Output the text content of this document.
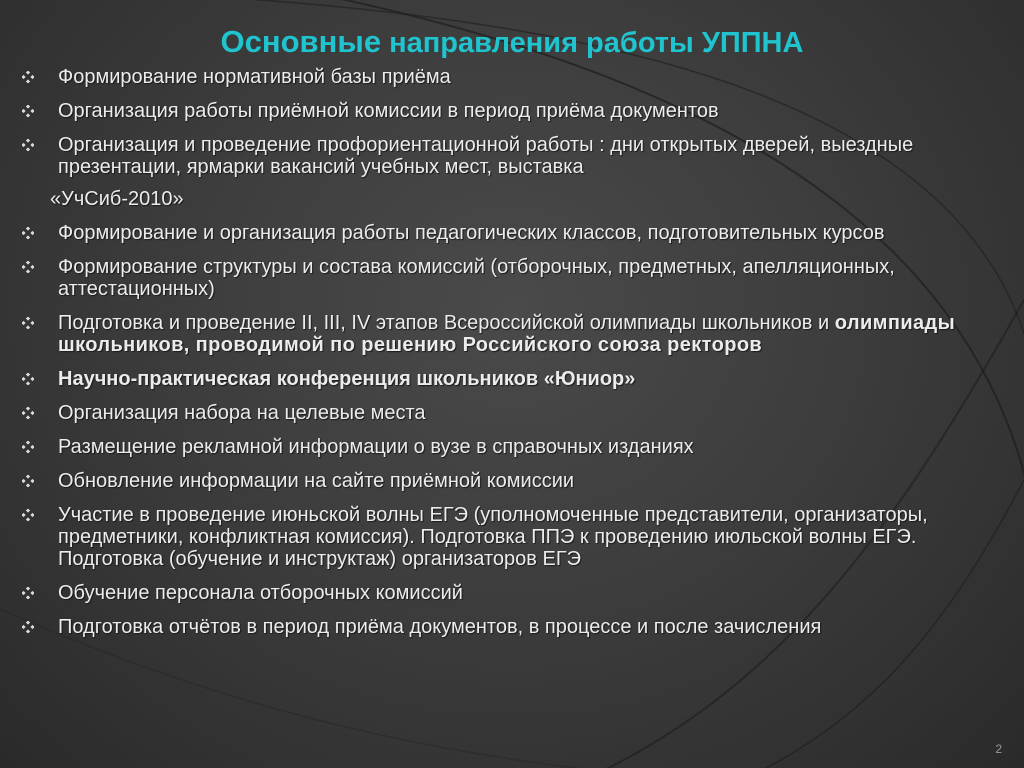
Основные направления работы УППНА
Формирование нормативной базы приёма
Организация работы приёмной комиссии в период приёма документов
Организация и проведение профориентационной работы : дни открытых дверей, выездные презентации, ярмарки вакансий учебных мест, выставка
«УчСиб-2010»
Формирование и организация работы педагогических классов, подготовительных курсов
Формирование структуры и состава комиссий (отборочных, предметных, апелляционных, аттестационных)
Подготовка и проведение II, III, IV этапов Всероссийской олимпиады школьников и олимпиады школьников, проводимой по решению Российского союза ректоров
Научно-практическая конференция школьников «Юниор»
Организация набора на целевые места
Размещение рекламной информации о вузе в справочных изданиях
Обновление информации на сайте приёмной комиссии
Участие в проведение июньской волны ЕГЭ (уполномоченные представители, организаторы, предметники, конфликтная комиссия). Подготовка ППЭ к проведению июльской волны ЕГЭ. Подготовка (обучение и инструктаж) организаторов ЕГЭ
Обучение персонала отборочных комиссий
Подготовка отчётов в период приёма документов, в процессе и после зачисления
2
